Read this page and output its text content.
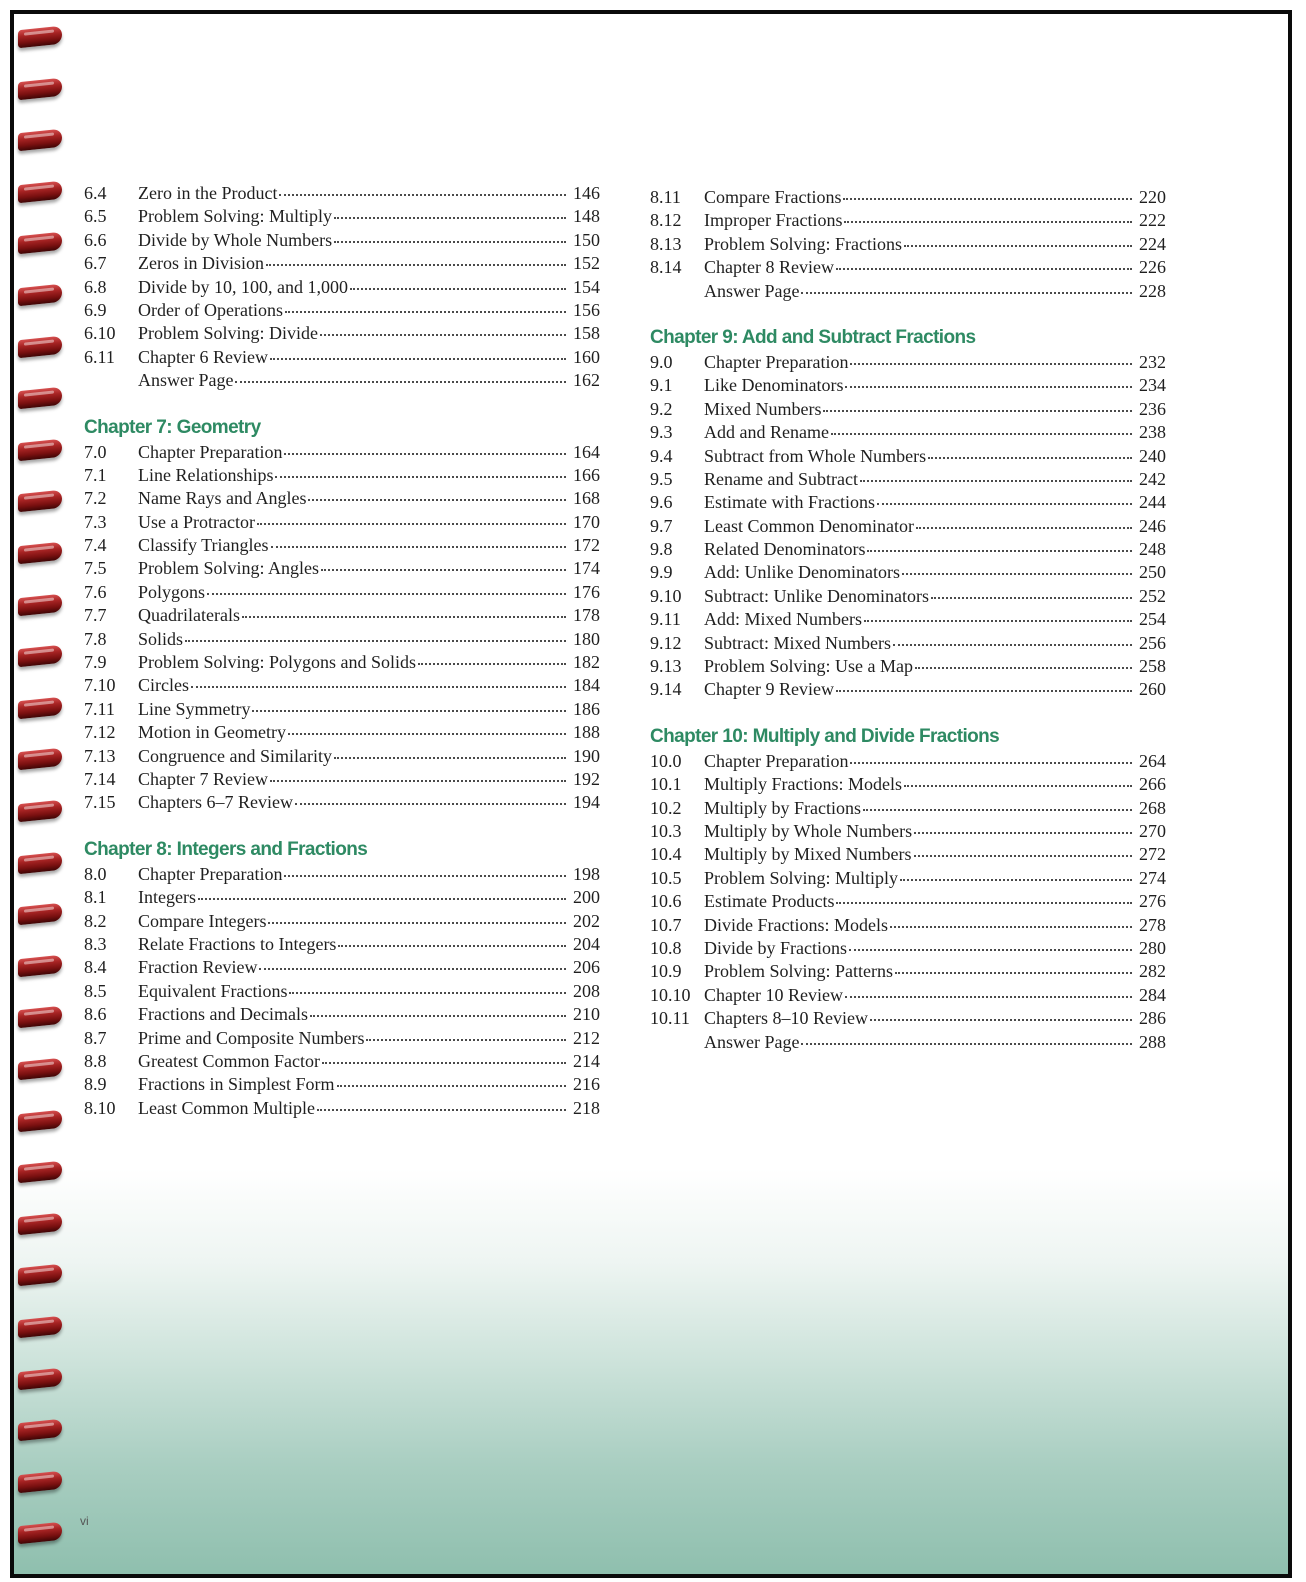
6.4	Zero in the Product	146
6.5	Problem Solving: Multiply	148
6.6	Divide by Whole Numbers	150
6.7	Zeros in Division	152
6.8	Divide by 10, 100, and 1,000	154
6.9	Order of Operations	156
6.10	Problem Solving: Divide	158
6.11	Chapter 6 Review	160
Answer Page	162
Chapter 7: Geometry
7.0	Chapter Preparation	164
7.1	Line Relationships	166
7.2	Name Rays and Angles	168
7.3	Use a Protractor	170
7.4	Classify Triangles	172
7.5	Problem Solving: Angles	174
7.6	Polygons	176
7.7	Quadrilaterals	178
7.8	Solids	180
7.9	Problem Solving: Polygons and Solids	182
7.10	Circles	184
7.11	Line Symmetry	186
7.12	Motion in Geometry	188
7.13	Congruence and Similarity	190
7.14	Chapter 7 Review	192
7.15	Chapters 6–7 Review	194
Chapter 8: Integers and Fractions
8.0	Chapter Preparation	198
8.1	Integers	200
8.2	Compare Integers	202
8.3	Relate Fractions to Integers	204
8.4	Fraction Review	206
8.5	Equivalent Fractions	208
8.6	Fractions and Decimals	210
8.7	Prime and Composite Numbers	212
8.8	Greatest Common Factor	214
8.9	Fractions in Simplest Form	216
8.10	Least Common Multiple	218
8.11	Compare Fractions	220
8.12	Improper Fractions	222
8.13	Problem Solving: Fractions	224
8.14	Chapter 8 Review	226
Answer Page	228
Chapter 9: Add and Subtract Fractions
9.0	Chapter Preparation	232
9.1	Like Denominators	234
9.2	Mixed Numbers	236
9.3	Add and Rename	238
9.4	Subtract from Whole Numbers	240
9.5	Rename and Subtract	242
9.6	Estimate with Fractions	244
9.7	Least Common Denominator	246
9.8	Related Denominators	248
9.9	Add: Unlike Denominators	250
9.10	Subtract: Unlike Denominators	252
9.11	Add: Mixed Numbers	254
9.12	Subtract: Mixed Numbers	256
9.13	Problem Solving: Use a Map	258
9.14	Chapter 9 Review	260
Chapter 10: Multiply and Divide Fractions
10.0	Chapter Preparation	264
10.1	Multiply Fractions: Models	266
10.2	Multiply by Fractions	268
10.3	Multiply by Whole Numbers	270
10.4	Multiply by Mixed Numbers	272
10.5	Problem Solving: Multiply	274
10.6	Estimate Products	276
10.7	Divide Fractions: Models	278
10.8	Divide by Fractions	280
10.9	Problem Solving: Patterns	282
10.10 Chapter 10 Review	284
10.11 Chapters 8–10 Review	286
Answer Page	288
vi
